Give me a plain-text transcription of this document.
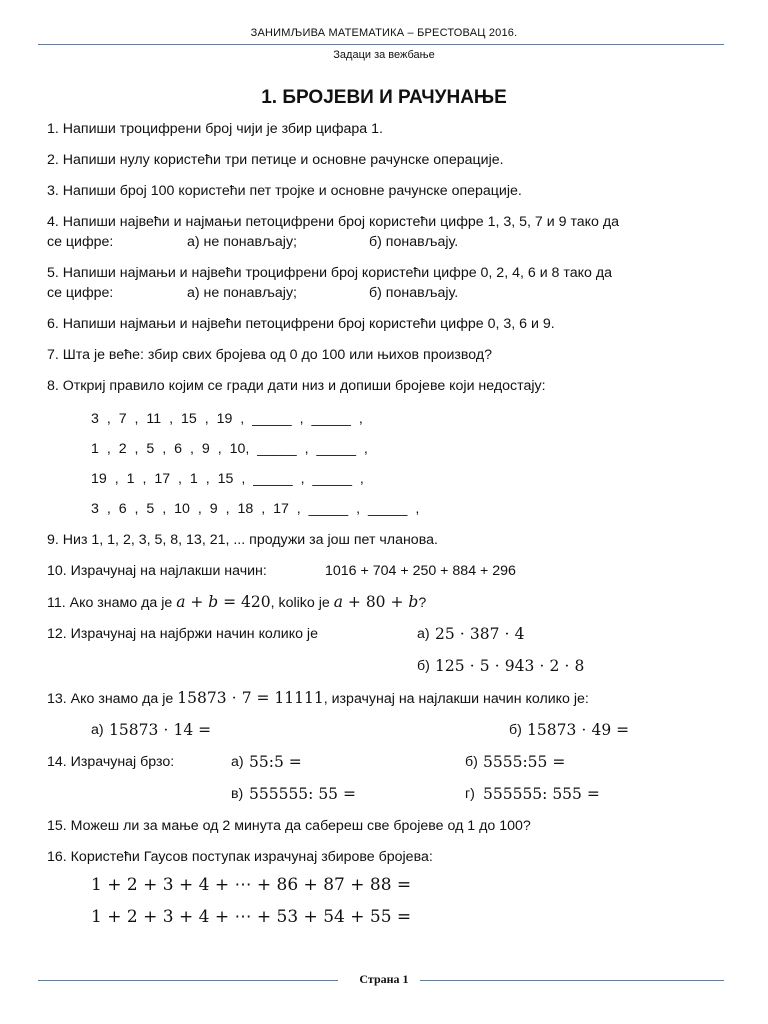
ЗАНИМЉИВА МАТЕМАТИКА – БРЕСТОВАЦ 2016.
Задаци за вежбање
1. БРОЈЕВИ И РАЧУНАЊЕ
1. Напиши троцифрени број чији је збир цифара 1.
2. Напиши нулу користећи три петице и основне рачунске операције.
3. Напиши број 100 користећи пет тројке и основне рачунске операције.
4. Напиши највећи и најмањи петоцифрени број користећи цифре 1, 3, 5, 7 и 9 тако да
се цифре:	а) не понављају;	б) понављају.
5. Напиши најмањи и највећи троцифрени број користећи цифре 0, 2, 4, 6 и 8 тако да
се цифре:	а) не понављају;	б) понављају.
6. Напиши најмањи и највећи петоцифрени број користећи цифре 0, 3, 6 и 9.
7. Шта је веће: збир свих бројева од 0 до 100 или њихов производ?
8. Откриј правило којим се гради дати низ и допиши бројеве који недостају:
3 , 7 , 11 , 15 , 19 , _____ , _____ ,
1 , 2 , 5 , 6 , 9 , 10, _____ , _____ ,
19 , 1 , 17 , 1 , 15 , _____ , _____ ,
3 , 6 , 5 , 10 , 9 , 18 , 17 , _____ , _____ ,
9. Низ 1, 1, 2, 3, 5, 8, 13, 21, ... продужи за још пет чланова.
10. Израчунај на најлакши начин:	1016 + 704 + 250 + 884 + 296
11. Ако знамо да је 𝑎 + 𝑏 = 420, koliko je 𝑎 + 80 + 𝑏?
12. Израчунај на најбржи начин колико је	а) 25 ⋅ 387 ⋅ 4
б) 125 ⋅ 5 ⋅ 943 ⋅ 2 ⋅ 8
13. Ако знамо да је 15873 ⋅ 7 = 11111, израчунај на најлакши начин колико је:
а) 15873 ⋅ 14 =	б) 15873 ⋅ 49 =
14. Израчунај брзо:	а) 55:5 =	б) 5555:55 =
в) 555555: 55 =	г) 555555: 555 =
15. Можеш ли за мање од 2 минута да сабереш све бројеве од 1 до 100?
16. Користећи Гаусов поступак израчунај збирове бројева:
1 + 2 + 3 + 4 + ⋯ + 86 + 87 + 88 =
1 + 2 + 3 + 4 + ⋯ + 53 + 54 + 55 =
Страна 1
